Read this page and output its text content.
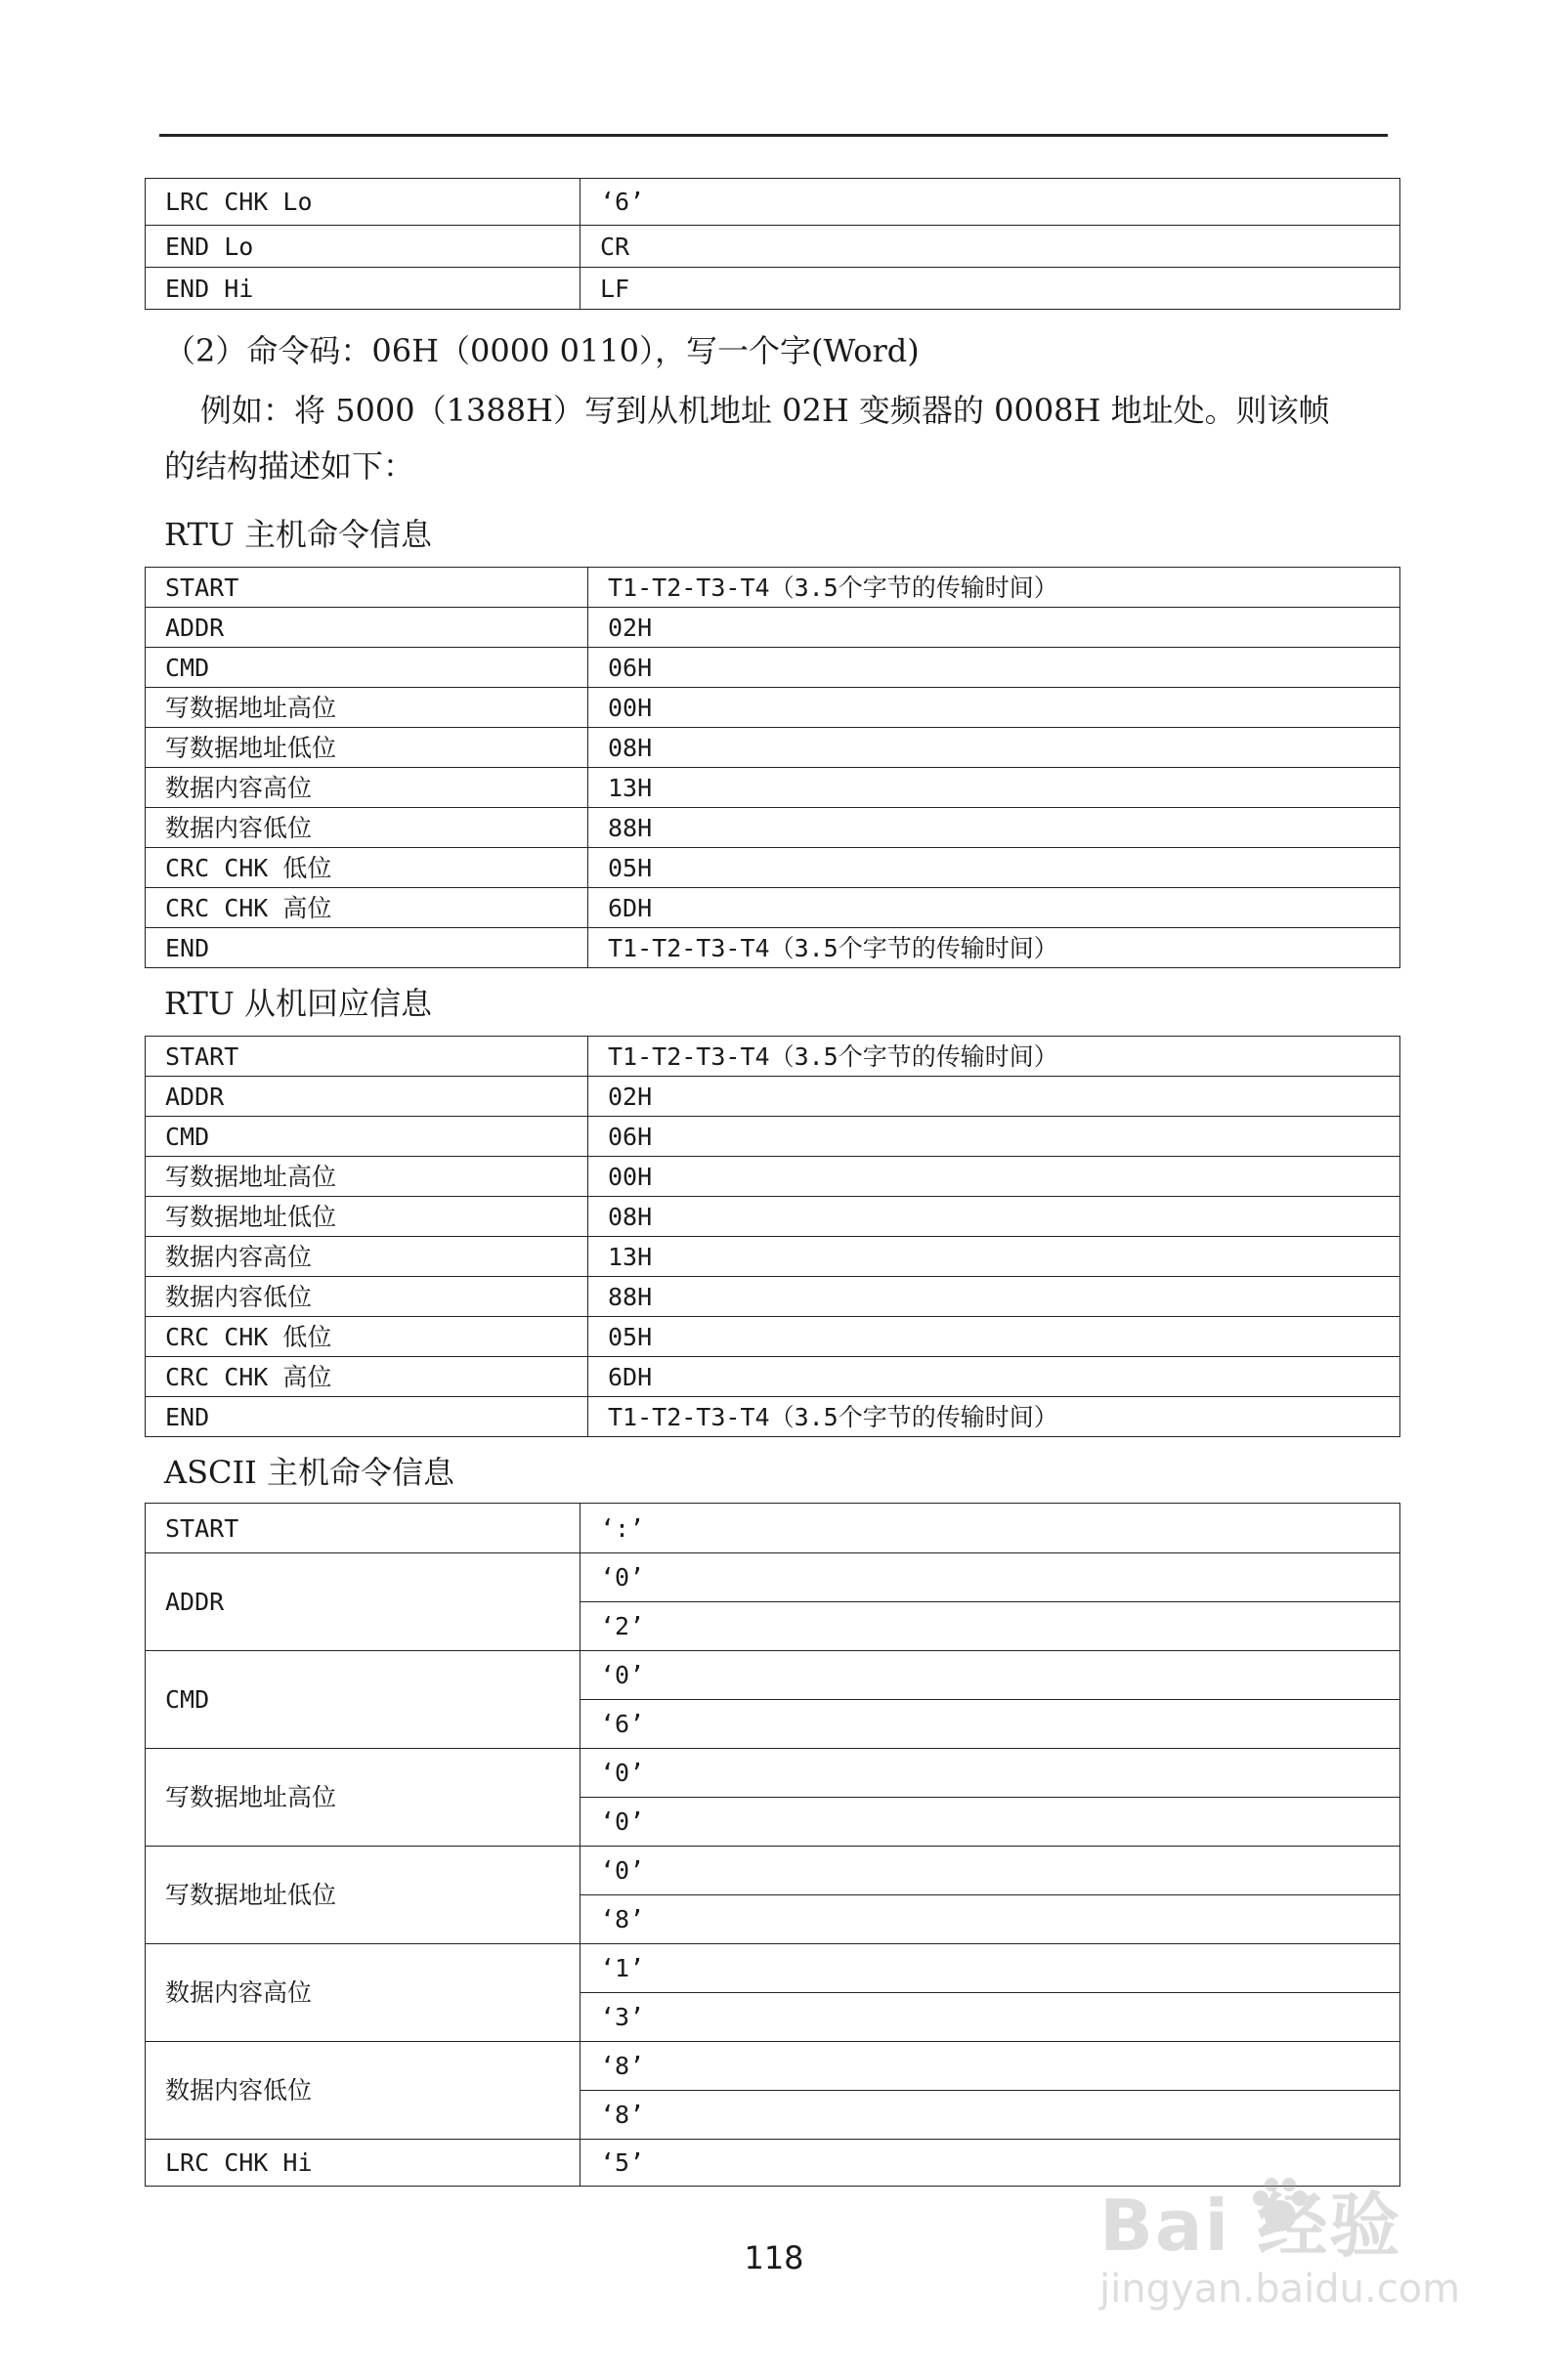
LRC CHK Lo	‘6’
END Lo	CR
END Hi	LF
（2）命令码：06H（0000 0110），写一个字(Word)
例如：将 5000（1388H）写到从机地址 02H 变频器的 0008H 地址处。则该帧
的结构描述如下：
RTU 主机命令信息
START	T1-T2-T3-T4（3.5个字节的传输时间）
ADDR	02H
CMD	06H
写数据地址高位	00H
写数据地址低位	08H
数据内容高位	13H
数据内容低位	88H
CRC CHK 低位	05H
CRC CHK 高位	6DH
END	T1-T2-T3-T4（3.5个字节的传输时间）
RTU 从机回应信息
START	T1-T2-T3-T4（3.5个字节的传输时间）
ADDR	02H
CMD	06H
写数据地址高位	00H
写数据地址低位	08H
数据内容高位	13H
数据内容低位	88H
CRC CHK 低位	05H
CRC CHK 高位	6DH
END	T1-T2-T3-T4（3.5个字节的传输时间）
ASCII 主机命令信息
START	‘:’
ADDR	‘0’
	‘2’
CMD	‘0’
	‘6’
写数据地址高位	‘0’
	‘0’
写数据地址低位	‘0’
	‘8’
数据内容高位	‘1’
	‘3’
数据内容低位	‘8’
	‘8’
LRC CHK Hi	‘5’
118	Bai 经验
jingyan.baidu.com
